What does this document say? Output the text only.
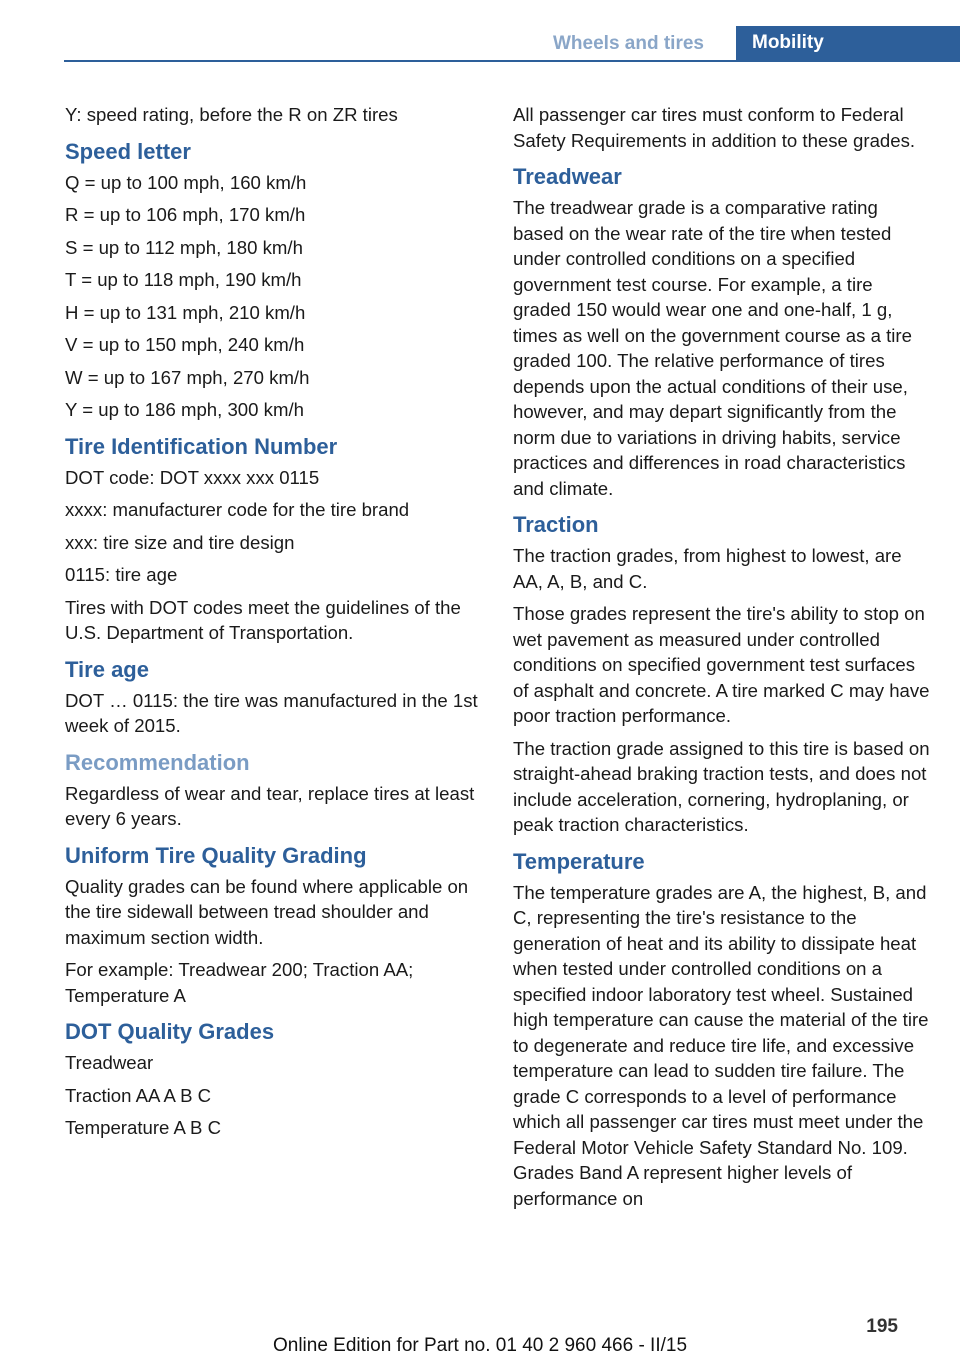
Wheels and tires	Mobility

Y: speed rating, before the R on ZR tires

Speed letter

Q = up to 100 mph, 160 km/h

R = up to 106 mph, 170 km/h

S = up to 112 mph, 180 km/h

T = up to 118 mph, 190 km/h

H = up to 131 mph, 210 km/h

V = up to 150 mph, 240 km/h

W = up to 167 mph, 270 km/h

Y = up to 186 mph, 300 km/h

Tire Identification Number

DOT code: DOT xxxx xxx 0115

xxxx: manufacturer code for the tire brand

xxx: tire size and tire design

0115: tire age

Tires with DOT codes meet the guidelines of the U.S. Department of Transportation.

Tire age

DOT … 0115: the tire was manufactured in the 1st week of 2015.

Recommendation

Regardless of wear and tear, replace tires at least every 6 years.

Uniform Tire Quality Grading

Quality grades can be found where applicable on the tire sidewall between tread shoulder and maximum section width.

For example: Treadwear 200; Traction AA; Temperature A

DOT Quality Grades

Treadwear

Traction AA A B C

Temperature A B C

All passenger car tires must conform to Federal Safety Requirements in addition to these grades.

Treadwear

The treadwear grade is a comparative rating based on the wear rate of the tire when tested under controlled conditions on a specified government test course. For example, a tire graded 150 would wear one and one-half, 1 g, times as well on the government course as a tire graded 100. The relative performance of tires depends upon the actual conditions of their use, however, and may depart significantly from the norm due to variations in driving habits, service practices and differences in road characteristics and climate.

Traction

The traction grades, from highest to lowest, are AA, A, B, and C.

Those grades represent the tire's ability to stop on wet pavement as measured under controlled conditions on specified government test surfaces of asphalt and concrete. A tire marked C may have poor traction performance.

The traction grade assigned to this tire is based on straight-ahead braking traction tests, and does not include acceleration, cornering, hydroplaning, or peak traction characteristics.

Temperature

The temperature grades are A, the highest, B, and C, representing the tire's resistance to the generation of heat and its ability to dissipate heat when tested under controlled conditions on a specified indoor laboratory test wheel. Sustained high temperature can cause the material of the tire to degenerate and reduce tire life, and excessive temperature can lead to sudden tire failure. The grade C corresponds to a level of performance which all passenger car tires must meet under the Federal Motor Vehicle Safety Standard No. 109. Grades Band A represent higher levels of performance on

195
Online Edition for Part no. 01 40 2 960 466 - II/15
